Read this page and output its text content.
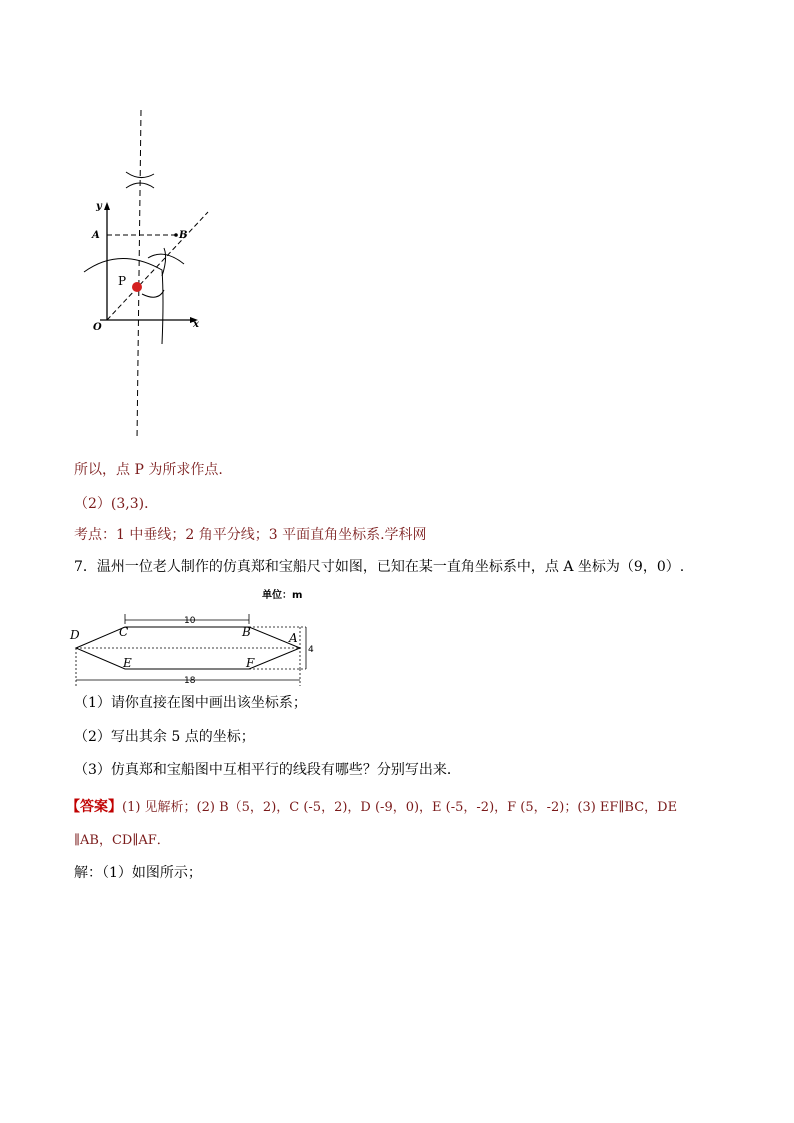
y
A	B
P
O	x
所以，点 P 为所求作点.
（2）(3,3)．
考点：1 中垂线；2 角平分线；3 平面直角坐标系.学科网
7．温州一位老人制作的仿真郑和宝船尺寸如图，已知在某一直角坐标系中，点 A 坐标为（9，0）.
单位：m
10
4
18
D	C	B	A
E	F
（1）请你直接在图中画出该坐标系；
（2）写出其余 5 点的坐标；
（3）仿真郑和宝船图中互相平行的线段有哪些？分别写出来．
【答案】(1) 见解析；(2) B（5，2)，C (-5，2)，D (-9，0)，E (-5，-2)，F (5，-2)；(3) EF∥BC，DE
∥AB，CD∥AF．
解：（1）如图所示；
